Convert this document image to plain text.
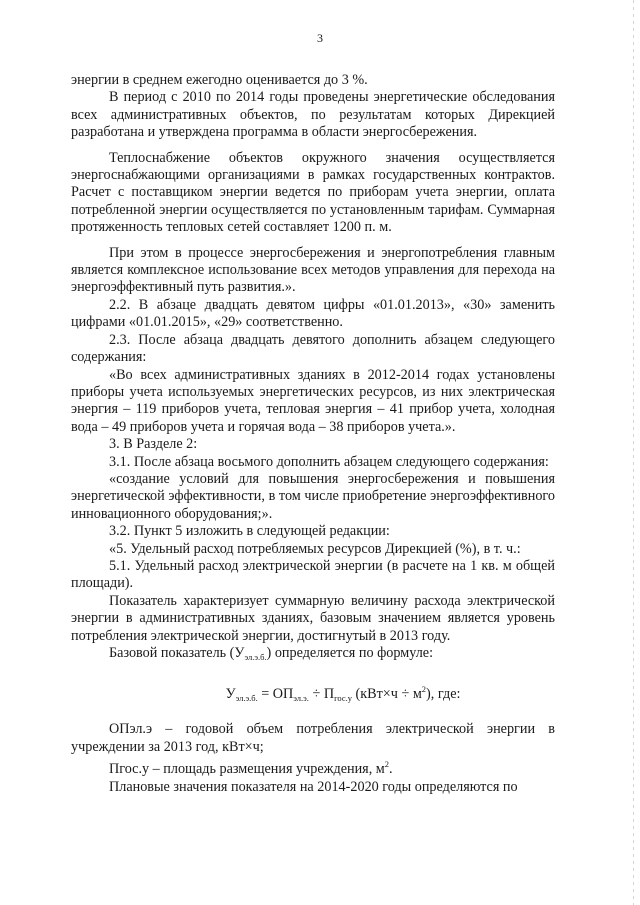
3

энергии в среднем ежегодно оценивается до 3 %.

В период с 2010 по 2014 годы проведены энергетические обследования всех административных объектов, по результатам которых Дирекцией разработана и утверждена программа в области энергосбережения.

Теплоснабжение объектов окружного значения осуществляется энергоснабжающими организациями в рамках государственных контрактов. Расчет с поставщиком энергии ведется по приборам учета энергии, оплата потребленной энергии осуществляется по установленным тарифам. Суммарная протяженность тепловых сетей составляет 1200 п. м.

При этом в процессе энергосбережения и энергопотребления главным является комплексное использование всех методов управления для перехода на энергоэффективный путь развития.».

2.2. В абзаце двадцать девятом цифры «01.01.2013», «30» заменить цифрами «01.01.2015», «29» соответственно.

2.3. После абзаца двадцать девятого дополнить абзацем следующего содержания:

«Во всех административных зданиях в 2012-2014 годах установлены приборы учета используемых энергетических ресурсов, из них электрическая энергия – 119 приборов учета, тепловая энергия – 41 прибор учета, холодная вода – 49 приборов учета и горячая вода – 38 приборов учета.».

3. В Разделе 2:

3.1. После абзаца восьмого дополнить абзацем следующего содержания:

«создание условий для повышения энергосбережения и повышения энергетической эффективности, в том числе приобретение энергоэффективного инновационного оборудования;».

3.2. Пункт 5 изложить в следующей редакции:

«5. Удельный расход потребляемых ресурсов Дирекцией (%), в т. ч.:

5.1. Удельный расход электрической энергии (в расчете на 1 кв. м общей площади).

Показатель характеризует суммарную величину расхода электрической энергии в административных зданиях, базовым значением является уровень потребления электрической энергии, достигнутый в 2013 году.

Базовой показатель $(У_{эл.э.б.})$ определяется по формуле:

$У_{эл.э.б.} = ОП_{эл.э.} \div П_{гос.у}$ $(кВт\times ч \div м^2)$, где:

ОПэл.э – годовой объем потребления электрической энергии в учреждении за 2013 год, кВт×ч;

Пгос.у – площадь размещения учреждения, $м^2$.

Плановые значения показателя на 2014-2020 годы определяются по
